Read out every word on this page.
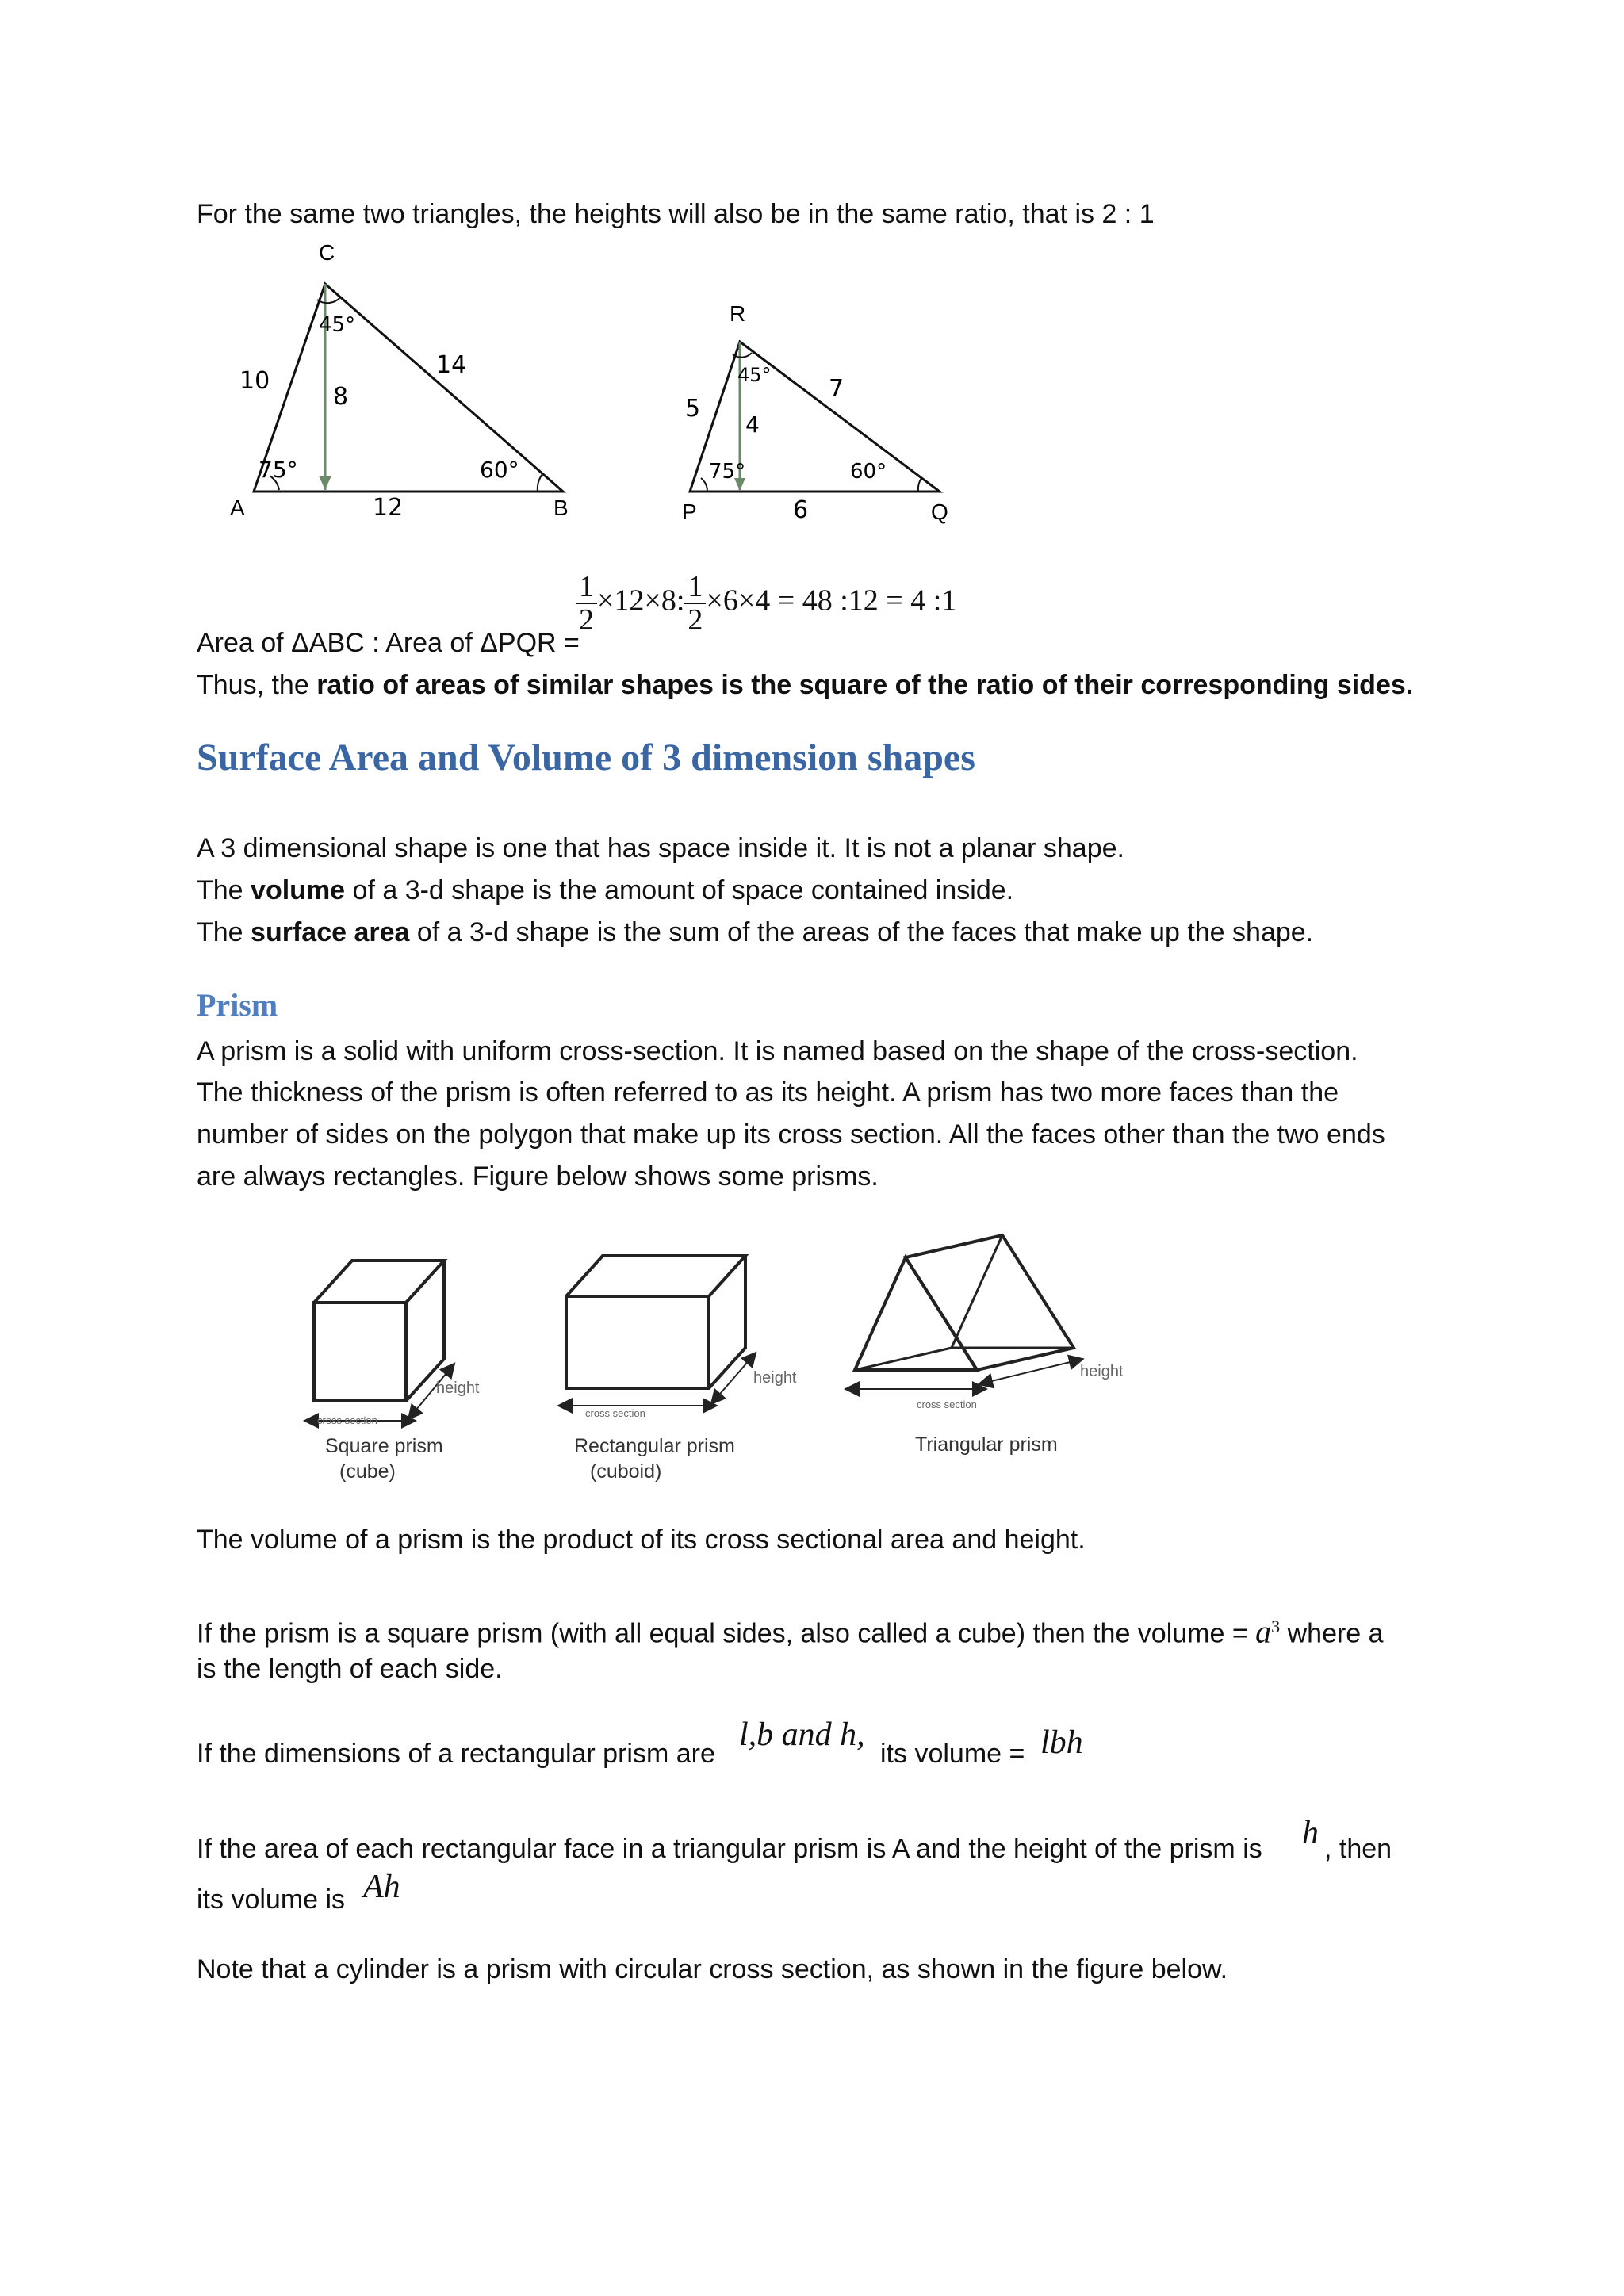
For the same two triangles, the heights will also be in the same ratio, that is 2 : 1
C
A	B
10
14
12
8
75°	60°
45°	R
P	Q
5
7
6
4
75°	60°
45°
Area of ΔABC : Area of ΔPQR =
$\frac{1}{2} \times 12\times 8$: $\frac{1}{2} \times 6\times 4 = 48$ :12 = 4 :1
Thus, the ratio of areas of similar shapes is the square of the ratio of their corresponding sides.
Surface Area and Volume of 3 dimension shapes
A 3 dimensional shape is one that has space inside it. It is not a planar shape.
The volume of a 3-d shape is the amount of space contained inside.
The surface area of a 3-d shape is the sum of the areas of the faces that make up the shape.
Prism
A prism is a solid with uniform cross-section. It is named based on the shape of the cross-section.
The thickness of the prism is often referred to as its height. A prism has two more faces than the
number of sides on the polygon that make up its cross section. All the faces other than the two ends
are always rectangles. Figure below shows some prisms.
height
cross section
Square prism
(cube)
height
cross section
Rectangular prism
(cuboid)
height
cross section
Triangular prism
The volume of a prism is the product of its cross sectional area and height.
If the prism is a square prism (with all equal sides, also called a cube) then the volume = $a^3$ where a
is the length of each side.
If the dimensions of a rectangular prism are
l,b and h,
its volume = lbh
If the area of each rectangular face in a triangular prism is A and the height of the prism is h , then
its volume is Ah
Note that a cylinder is a prism with circular cross section, as shown in the figure below.
